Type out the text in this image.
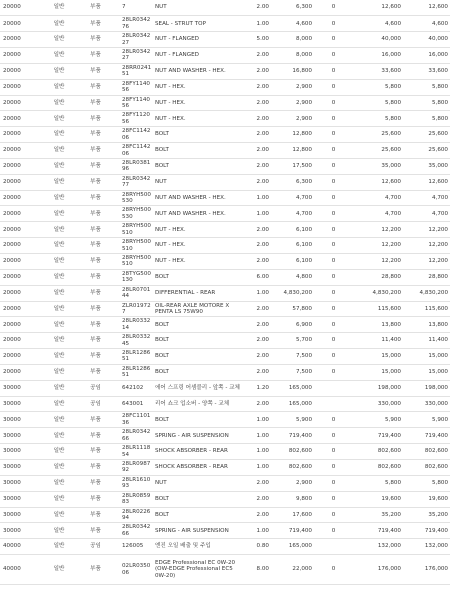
20000	일반	부품	7	NUT	2.00	6,300	0	12,600	12,600
20000	일반	부품	28LR034276	SEAL - STRUT TOP	1.00	4,600	0	4,600	4,600
20000	일반	부품	28LR034227	NUT - FLANGED	5.00	8,000	0	40,000	40,000
20000	일반	부품	28LR034227	NUT - FLANGED	2.00	8,000	0	16,000	16,000
20000	일반	부품	28RR024151	NUT AND WASHER - HEX.	2.00	16,800	0	33,600	33,600
20000	일반	부품	28FY114056	NUT - HEX.	2.00	2,900	0	5,800	5,800
20000	일반	부품	28FY114056	NUT - HEX.	2.00	2,900	0	5,800	5,800
20000	일반	부품	28FY112056	NUT - HEX.	2.00	2,900	0	5,800	5,800
20000	일반	부품	28FC114206	BOLT	2.00	12,800	0	25,600	25,600
20000	일반	부품	28FC114206	BOLT	2.00	12,800	0	25,600	25,600
20000	일반	부품	28LR038196	BOLT	2.00	17,500	0	35,000	35,000
20000	일반	부품	28LR034277	NUT	2.00	6,300	0	12,600	12,600
20000	일반	부품	28RYH500530	NUT AND WASHER - HEX.	1.00	4,700	0	4,700	4,700
20000	일반	부품	28RYH500530	NUT AND WASHER - HEX.	1.00	4,700	0	4,700	4,700
20000	일반	부품	28RYH500510	NUT - HEX.	2.00	6,100	0	12,200	12,200
20000	일반	부품	28RYH500510	NUT - HEX.	2.00	6,100	0	12,200	12,200
20000	일반	부품	28RYH500510	NUT - HEX.	2.00	6,100	0	12,200	12,200
20000	일반	부품	28TYG500130	BOLT	6.00	4,800	0	28,800	28,800
20000	일반	부품	28LR070144	DIFFERENTIAL - REAR	1.00	4,830,200	0	4,830,200	4,830,200
20000	일반	부품	ZLR019727	OIL-REAR AXLE MOTORE X PENTA LS 75W90	2.00	57,800	0	115,600	115,600
20000	일반	부품	28LR033214	BOLT	2.00	6,900	0	13,800	13,800
20000	일반	부품	28LR033245	BOLT	2.00	5,700	0	11,400	11,400
20000	일반	부품	28LR128651	BOLT	2.00	7,500	0	15,000	15,000
20000	일반	부품	28LR128651	BOLT	2.00	7,500	0	15,000	15,000
30000	일반	공임	642102	에어 스프링 어셈블리 - 앞쪽 - 교체	1.20	165,000		198,000	198,000
30000	일반	공임	643001	리어 쇼크 업소버 - 양쪽 - 교체	2.00	165,000		330,000	330,000
30000	일반	부품	28FC110136	BOLT	1.00	5,900	0	5,900	5,900
30000	일반	부품	28LR034266	SPRING - AIR SUSPENSION	1.00	719,400	0	719,400	719,400
30000	일반	부품	28LR111854	SHOCK ABSORBER - REAR	1.00	802,600	0	802,600	802,600
30000	일반	부품	28LR098792	SHOCK ABSORBER - REAR	1.00	802,600	0	802,600	802,600
30000	일반	부품	28LR161093	NUT	2.00	2,900	0	5,800	5,800
30000	일반	부품	28LR085983	BOLT	2.00	9,800	0	19,600	19,600
30000	일반	부품	28LR022694	BOLT	2.00	17,600	0	35,200	35,200
30000	일반	부품	28LR034266	SPRING - AIR SUSPENSION	1.00	719,400	0	719,400	719,400
40000	일반	공임	126005	엔진 오일 배출 및 주입	0.80	165,000		132,000	132,000
40000	일반	부품	02LR035006	EDGE Professional EC 0W-20 (OW-EDGE Professional EC5 0W-20)	8.00	22,000	0	176,000	176,000
